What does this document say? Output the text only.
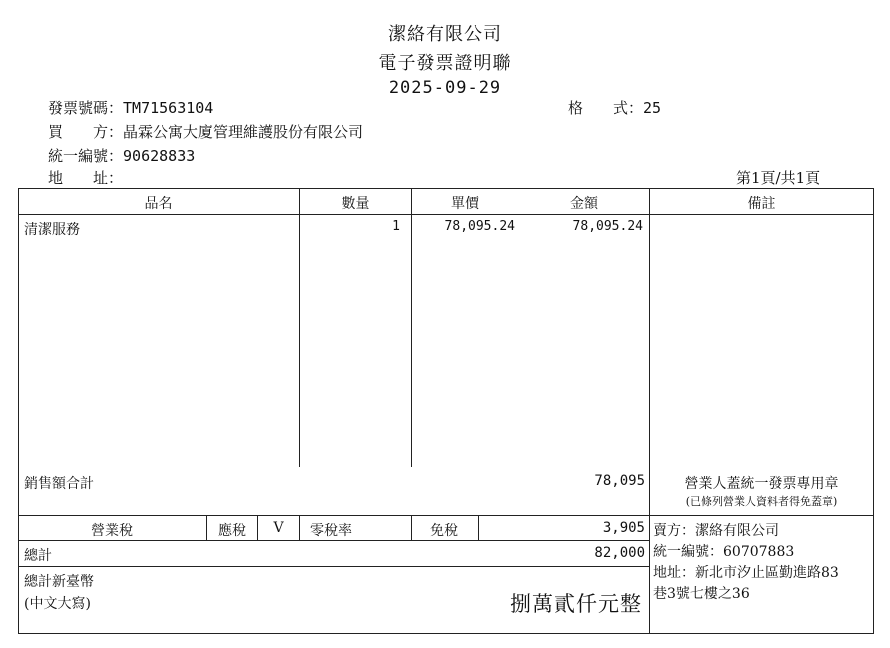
潔絡有限公司
電子發票證明聯
2025-09-29
發票號碼：TM71563104	格　　式：25
買　　方：晶霖公寓大廈管理維護股份有限公司
統一編號：90628833
地　　址：	第1頁/共1頁
品名	數量	單價	金額	備註
清潔服務	1	78,095.24	78,095.24
銷售額合計	78,095	營業人蓋統一發票專用章
(已條列營業人資料者得免蓋章)
營業稅	應稅	V	零稅率	免稅	3,905
總計	82,000
總計新臺幣
(中文大寫)	捌萬貳仟元整
賣方：潔絡有限公司
統一編號：60707883
地址：新北市汐止區勤進路83
巷3號七樓之36
